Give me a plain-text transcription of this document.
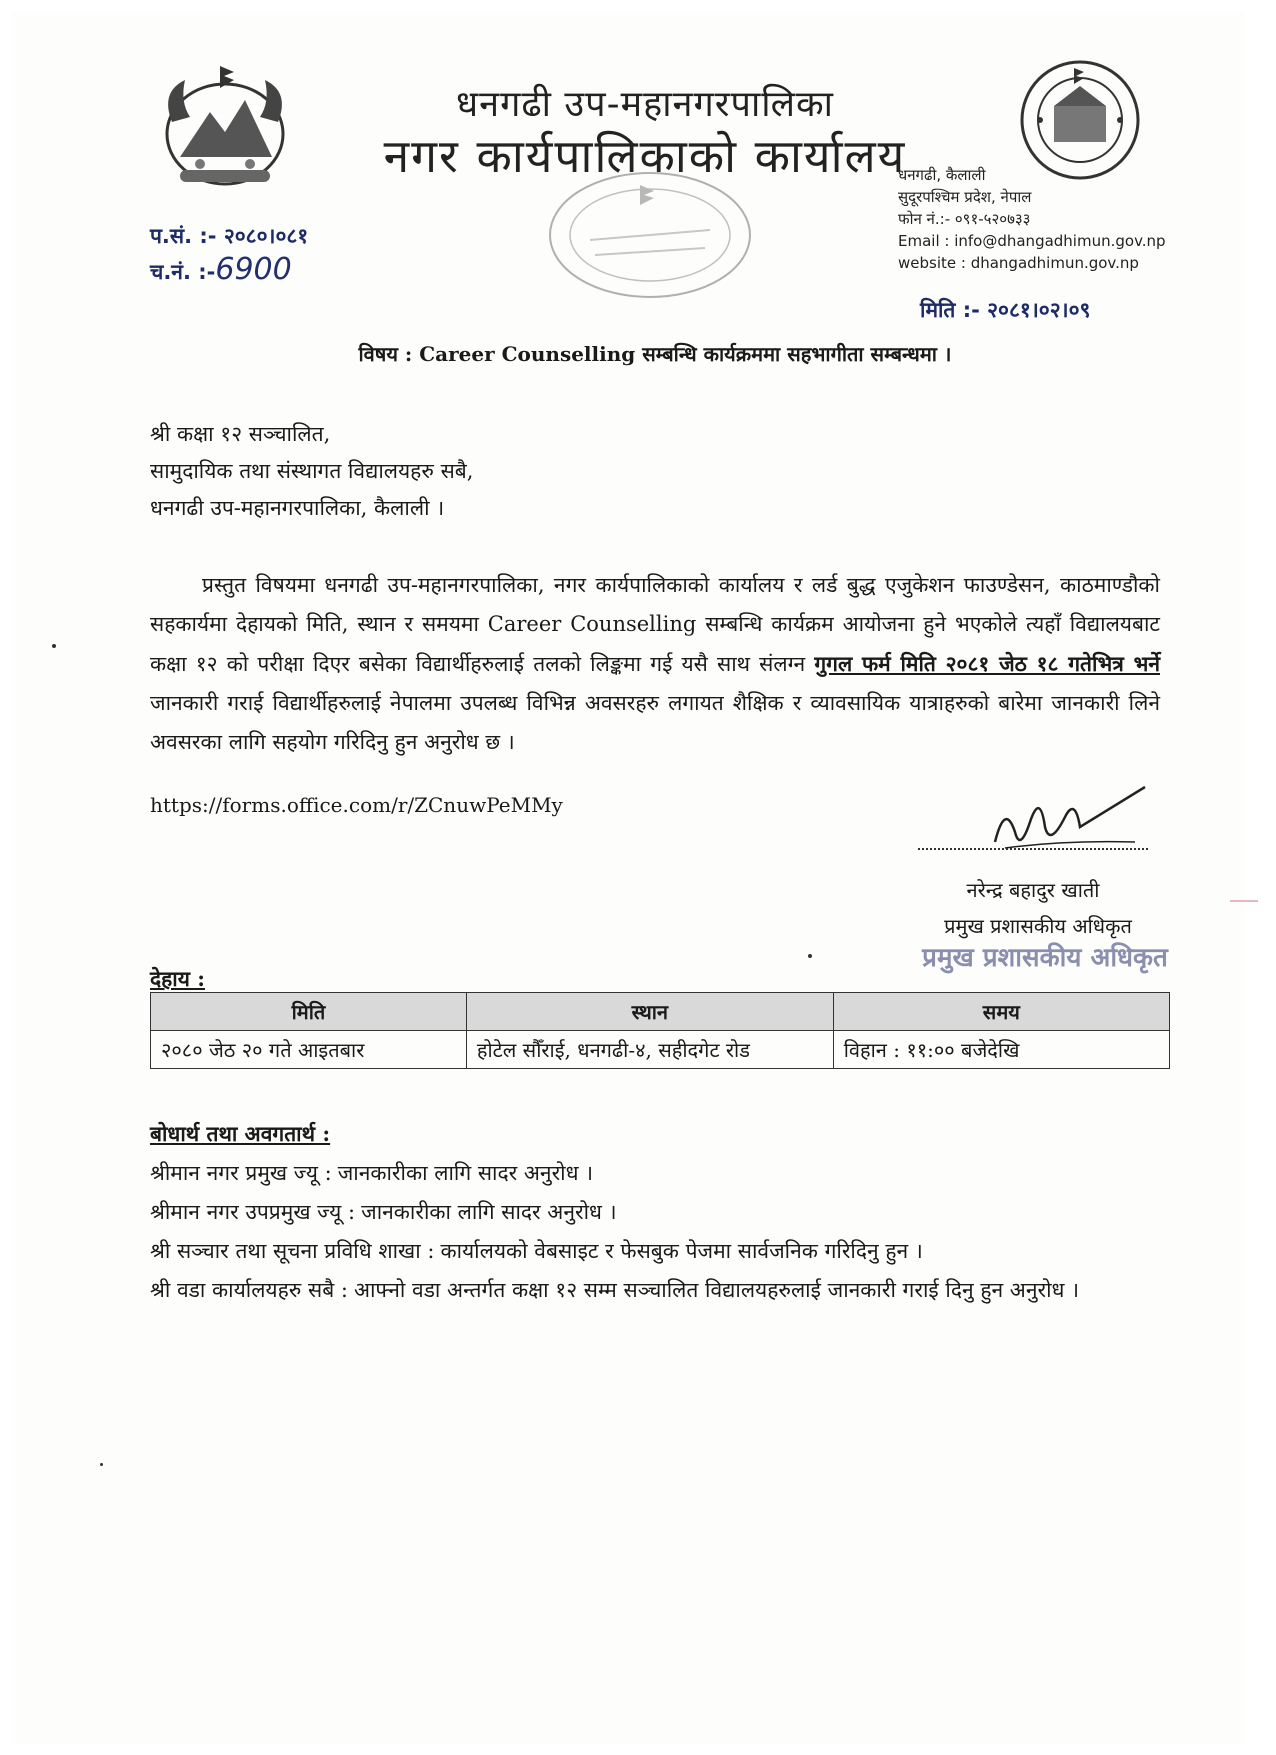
धनगढी उप-महानगरपालिका
नगर कार्यपालिकाको कार्यालय
धनगढी, कैलाली
सुदूरपश्चिम प्रदेश, नेपाल
फोन नं.:- ०९१-५२०७३३
Email : info@dhangadhimun.gov.np
website : dhangadhimun.gov.np
प.सं. :- २०८०।०८१
च.नं. :-6900
मिति :- २०८१।०२।०९
विषय : Career Counselling सम्बन्धि कार्यक्रममा सहभागीता सम्बन्धमा ।
श्री कक्षा १२ सञ्चालित,
सामुदायिक तथा संस्थागत विद्यालयहरु सबै,
धनगढी उप-महानगरपालिका, कैलाली ।
प्रस्तुत विषयमा धनगढी उप-महानगरपालिका, नगर कार्यपालिकाको कार्यालय र लर्ड बुद्ध एजुकेशन फाउण्डेसन, काठमाण्डौको सहकार्यमा देहायको मिति, स्थान र समयमा Career Counselling सम्बन्धि कार्यक्रम आयोजना हुने भएकोले त्यहाँ विद्यालयबाट कक्षा १२ को परीक्षा दिएर बसेका विद्यार्थीहरुलाई तलको लिङ्कमा गई यसै साथ संलग्न गुगल फर्म मिति २०८१ जेठ १८ गतेभित्र भर्ने जानकारी गराई विद्यार्थीहरुलाई नेपालमा उपलब्ध विभिन्न अवसरहरु लगायत शैक्षिक र व्यावसायिक यात्राहरुको बारेमा जानकारी लिने अवसरका लागि सहयोग गरिदिनु हुन अनुरोध छ ।
https://forms.office.com/r/ZCnuwPeMMy
नरेन्द्र बहादुर खाती
प्रमुख प्रशासकीय अधिकृत
प्रमुख प्रशासकीय अधिकृत
देहाय :
मिति	स्थान	समय
२०८० जेठ २० गते आइतबार	होटेल सौँराई, धनगढी-४, सहीदगेट रोड	विहान : ११:०० बजेदेखि
बोधार्थ तथा अवगतार्थ :
श्रीमान नगर प्रमुख ज्यू : जानकारीका लागि सादर अनुरोध ।
श्रीमान नगर उपप्रमुख ज्यू : जानकारीका लागि सादर अनुरोध ।
श्री सञ्चार तथा सूचना प्रविधि शाखा : कार्यालयको वेबसाइट र फेसबुक पेजमा सार्वजनिक गरिदिनु हुन ।
श्री वडा कार्यालयहरु सबै : आफ्नो वडा अन्तर्गत कक्षा १२ सम्म सञ्चालित विद्यालयहरुलाई जानकारी गराई दिनु हुन अनुरोध ।
